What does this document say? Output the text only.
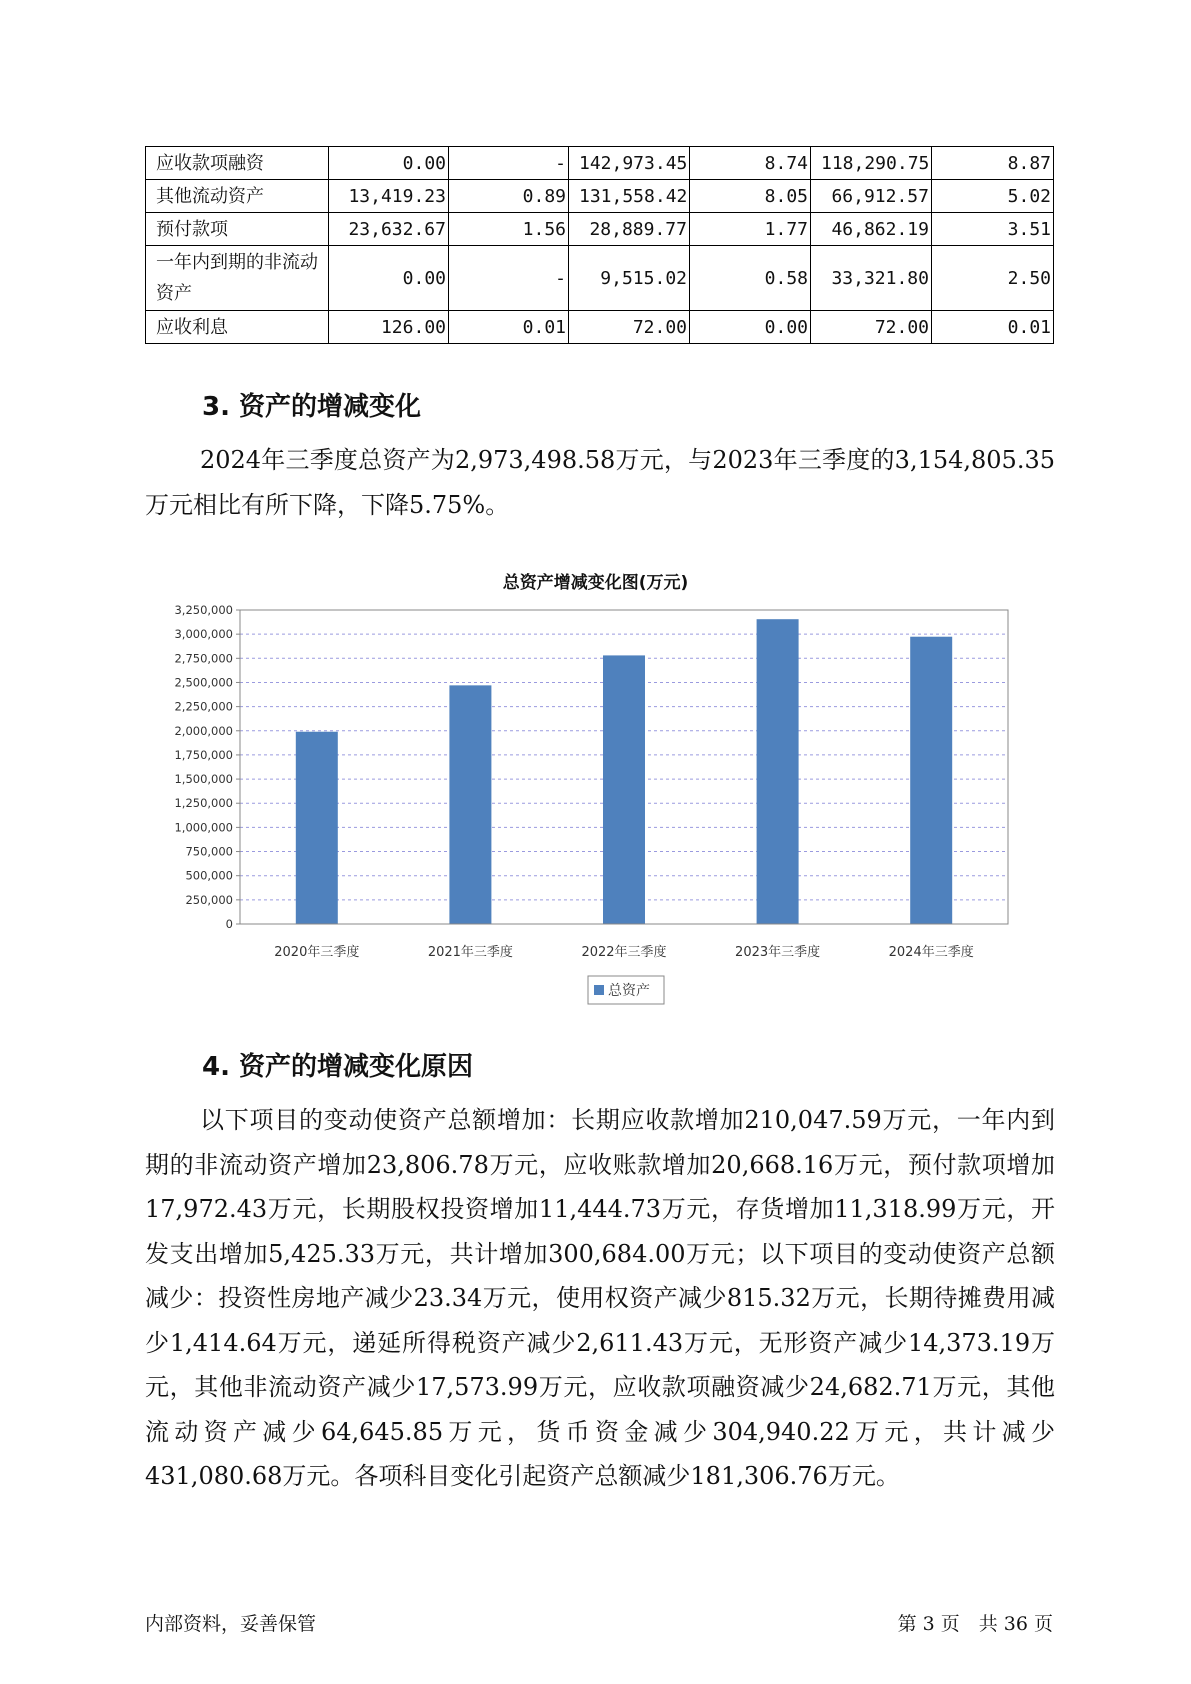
应收款项融资	0.00	-	142,973.45	8.74	118,290.75	8.87
其他流动资产	13,419.23	0.89	131,558.42	8.05	66,912.57	5.02
预付款项	23,632.67	1.56	28,889.77	1.77	46,862.19	3.51
一年内到期的非流动资产	0.00	-	9,515.02	0.58	33,321.80	2.50
应收利息	126.00	0.01	72.00	0.00	72.00	0.01
3. 资产的增减变化

2024年三季度总资产为2,973,498.58万元，与2023年三季度的3,154,805.35万元相比有所下降，下降5.75%。

总资产增减变化图(万元)
0
250,000
500,000
750,000
1,000,000
1,250,000
1,500,000
1,750,000
2,000,000
2,250,000
2,500,000
2,750,000
3,000,000
3,250,000
2020年三季度	2021年三季度	2022年三季度	2023年三季度	2024年三季度
总资产
4. 资产的增减变化原因

以下项目的变动使资产总额增加：长期应收款增加210,047.59万元，一年内到期的非流动资产增加23,806.78万元，应收账款增加20,668.16万元，预付款项增加17,972.43万元，长期股权投资增加11,444.73万元，存货增加11,318.99万元，开发支出增加5,425.33万元，共计增加300,684.00万元；以下项目的变动使资产总额减少：投资性房地产减少23.34万元，使用权资产减少815.32万元，长期待摊费用减少1,414.64万元，递延所得税资产减少2,611.43万元，无形资产减少14,373.19万元，其他非流动资产减少17,573.99万元，应收款项融资减少24,682.71万元，其他流动资产减少64,645.85万元，货币资金减少304,940.22万元，共计减少431,080.68万元。各项科目变化引起资产总额减少181,306.76万元。

内部资料，妥善保管	第 3 页　共 36 页
